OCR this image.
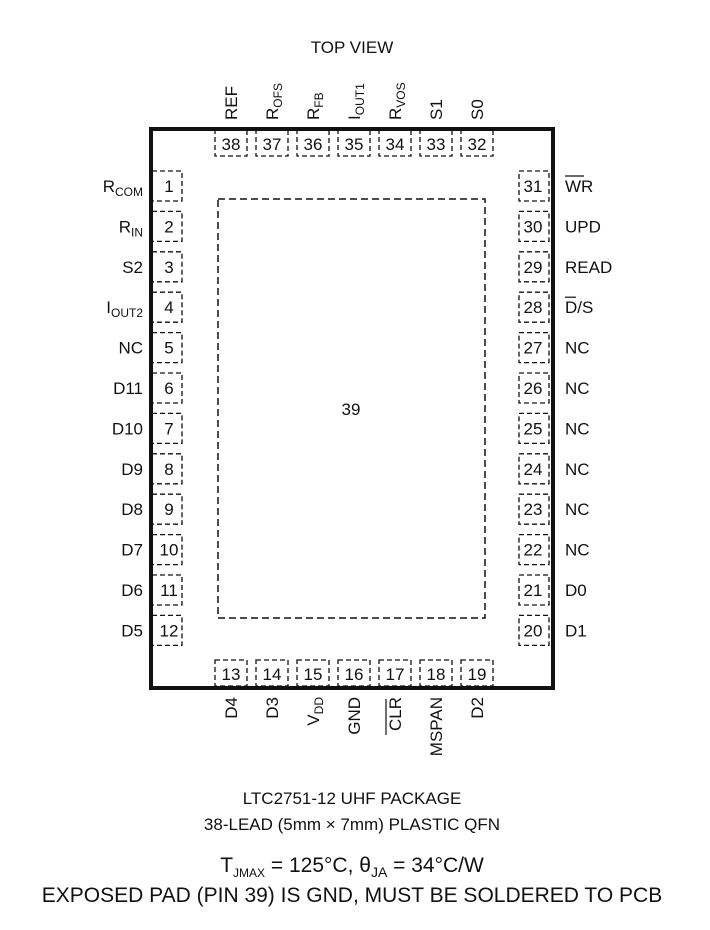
TOP VIEW
39
38
REF
37
$R_{OFS}$
36
$R_{FB}$
35
$I_{OUT1}$
34
$R_{VOS}$
33
S1
32
S0
1
$R_{COM}$
2
$R_{IN}$
3
S2
4
$I_{OUT2}$
5
NC
6
D11
7
D10
8
D9
9
D8
10
D7
11
D6
12
D5
31 WR
30 UPD
29 READ
28 D/S
27 NC
26 NC
25 NC
24 NC
23 NC
22 NC
21 D0
20 D1
13
D4
14
D3
15
$V_{DD}$
16
GND
17
CLR
18
MSPAN
19
D2
LTC2751-12 UHF PACKAGE
38-LEAD (5mm × 7mm) PLASTIC QFN
$T_{JMAX} = 125^\circ C$, $\theta_{JA} = 34^\circ C/W$
EXPOSED PAD (PIN 39) IS GND, MUST BE SOLDERED TO PCB
